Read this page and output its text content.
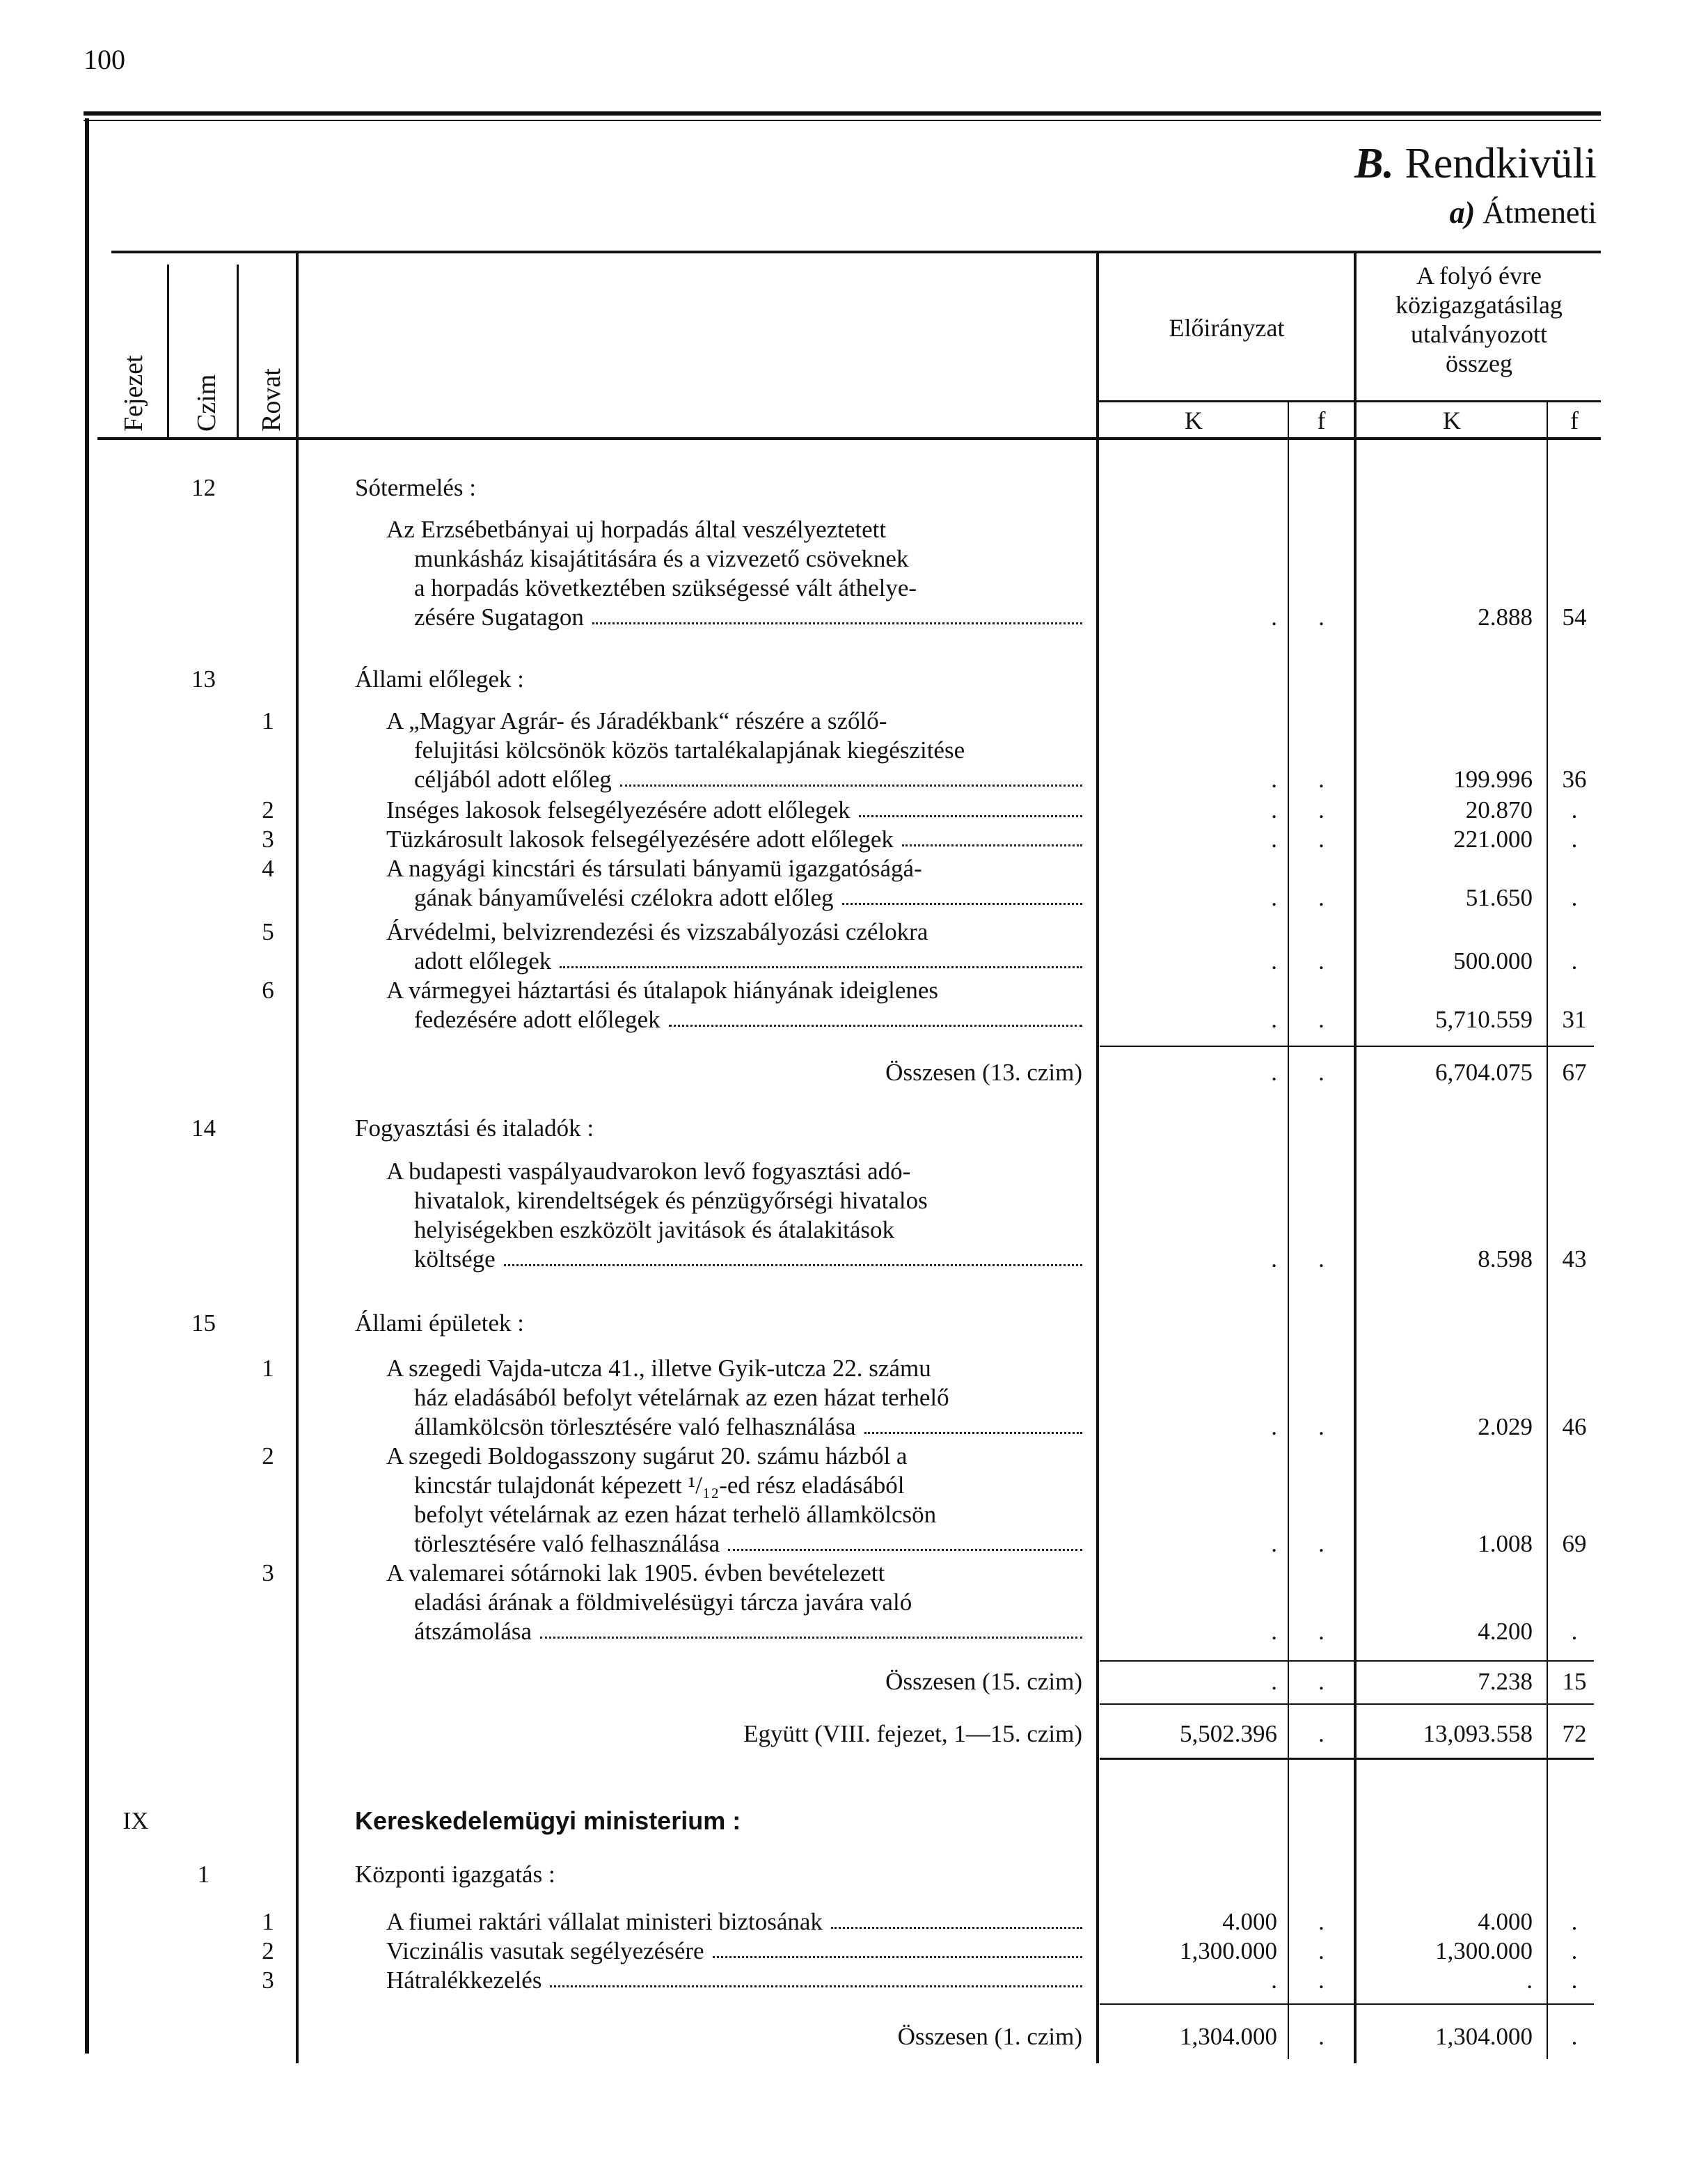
100
B. Rendkivüli
a) Átmeneti
Fejezet Czim Rovat
Előirányzat
A folyó évre
közigazgatásilag
utalványozott
összeg
K	f	K	f
12	Sótermelés :
Az Erzsébetbányai uj horpadás által veszélyeztetett
munkásház kisajátitására és a vizvezető csöveknek
a horpadás következtében szükségessé vált áthelye-
zésére Sugatagon	.	.	2.888	54
13	Állami előlegek :
1	A „Magyar Agrár- és Járadékbank“ részére a szőlő-
felujitási kölcsönök közös tartalékalapjának kiegészitése
céljából adott előleg	.	.	199.996	36
2	Inséges lakosok felsegélyezésére adott előlegek	.	.	20.870	.
3	Tüzkárosult lakosok felsegélyezésére adott előlegek	.	.	221.000	.
4	A nagyági kincstári és társulati bányamü igazgatóságá-
gának bányaművelési czélokra adott előleg	.	.	51.650	.
5	Árvédelmi, belvizrendezési és vizszabályozási czélokra
adott előlegek	.	.	500.000	.
6	A vármegyei háztartási és útalapok hiányának ideiglenes
fedezésére adott előlegek	.	.	5,710.559	31
Összesen (13. czim)	.	.	6,704.075	67
14	Fogyasztási és italadók :
A budapesti vaspályaudvarokon levő fogyasztási adó-
hivatalok, kirendeltségek és pénzügyőrségi hivatalos
helyiségekben eszközölt javitások és átalakitások
költsége	.	.	8.598	43
15	Állami épületek :
1	A szegedi Vajda-utcza 41., illetve Gyik-utcza 22. számu
ház eladásából befolyt vételárnak az ezen házat terhelő
államkölcsön törlesztésére való felhasználása	.	.	2.029	46
2	A szegedi Boldogasszony sugárut 20. számu házból a
kincstár tulajdonát képezett ¹/₁₂-ed rész eladásából
befolyt vételárnak az ezen házat terhelö államkölcsön
törlesztésére való felhasználása	.	.	1.008	69
3	A valemarei sótárnoki lak 1905. évben bevételezett
eladási árának a földmivelésügyi tárcza javára való
átszámolása	.	.	4.200	.
Összesen (15. czim)	.	.	7.238	15
Együtt (VIII. fejezet, 1—15. czim)	5,502.396	.	13,093.558	72
IX	Kereskedelemügyi ministerium :
1	Központi igazgatás :
1	A fiumei raktári vállalat ministeri biztosának	4.000	.	4.000	.
2	Viczinális vasutak segélyezésére	1,300.000	.	1,300.000	.
3	Hátralékkezelés	.	.	.	.
Összesen (1. czim)	1,304.000	.	1,304.000	.
